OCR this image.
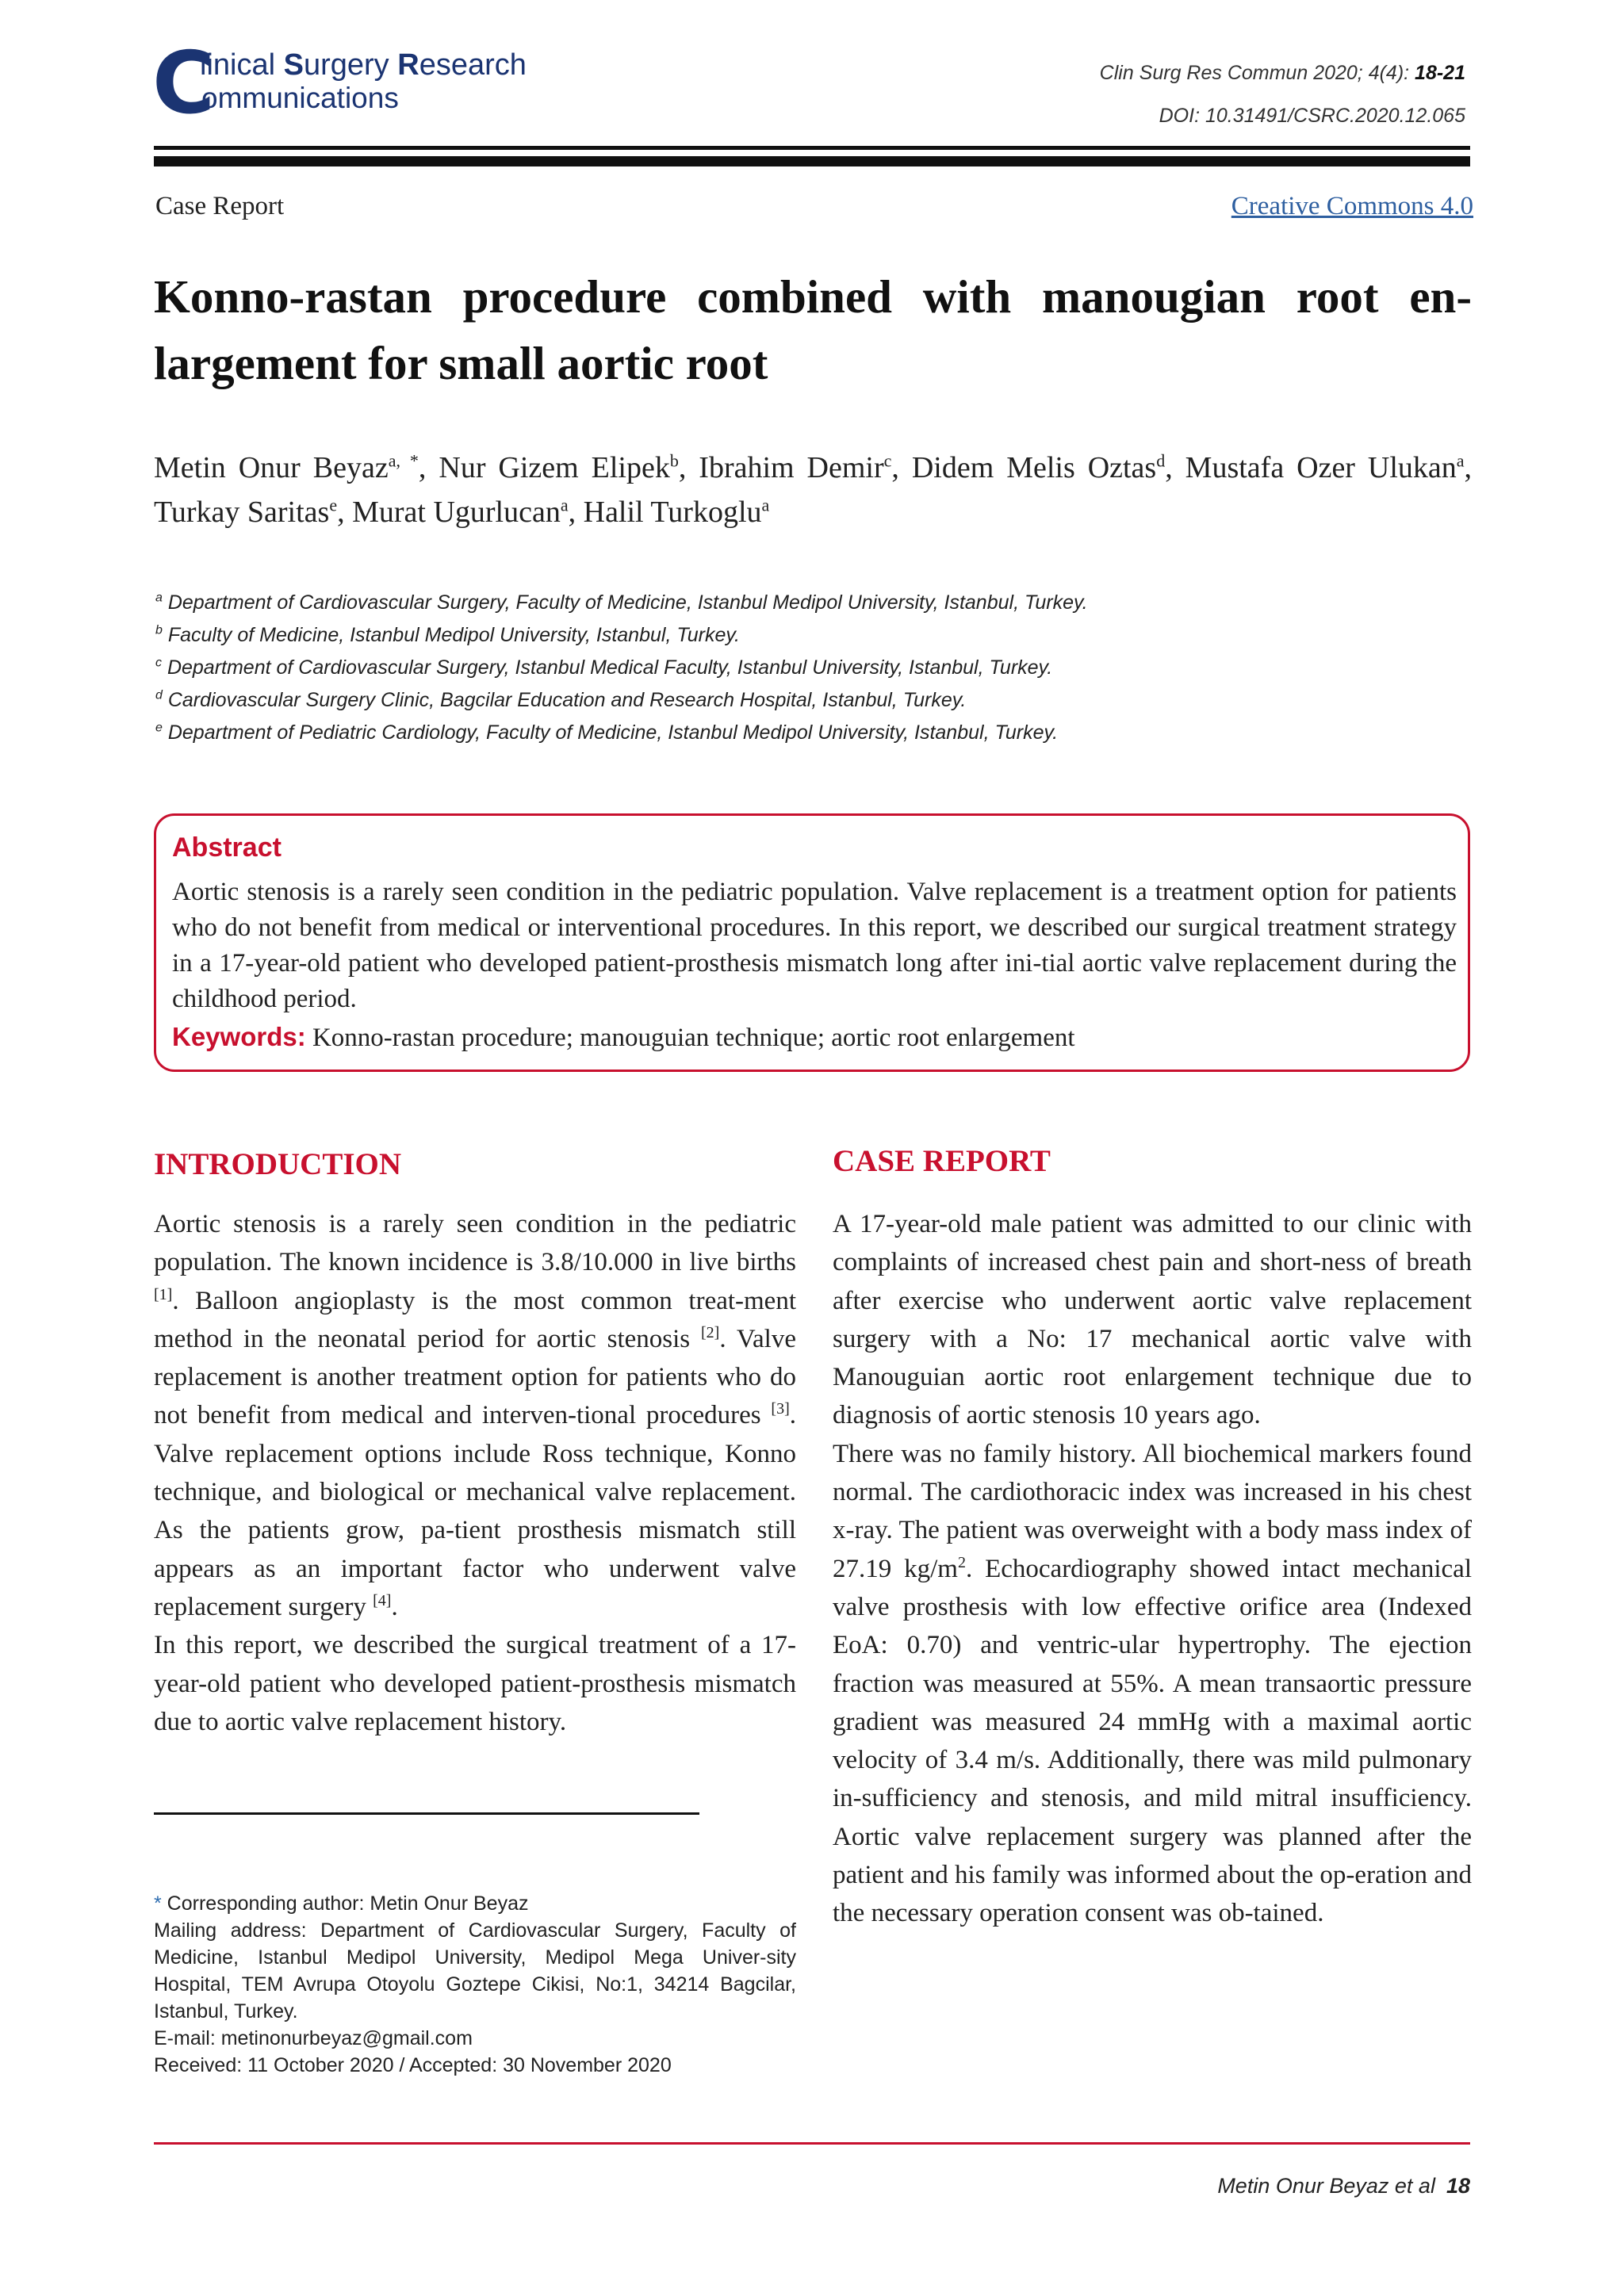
C
linical Surgery Research
ommunications
Clin Surg Res Commun 2020; 4(4): 18-21
DOI: 10.31491/CSRC.2020.12.065
Case Report	Creative Commons 4.0
Konno-rastan procedure combined with manougian root en-largement for small aortic root
Metin Onur Beyaz$^{a, *}$, Nur Gizem Elipek$^b$, Ibrahim Demir$^c$, Didem Melis Oztas$^d$, Mustafa Ozer Ulukan$^a$, Turkay Saritas$^e$, Murat Ugurlucan$^a$, Halil Turkoglu$^a$
$^a$ Department of Cardiovascular Surgery, Faculty of Medicine, Istanbul Medipol University, Istanbul, Turkey.
$^b$ Faculty of Medicine, Istanbul Medipol University, Istanbul, Turkey.
$^c$ Department of Cardiovascular Surgery, Istanbul Medical Faculty, Istanbul University, Istanbul, Turkey.
$^d$ Cardiovascular Surgery Clinic, Bagcilar Education and Research Hospital, Istanbul, Turkey.
$^e$ Department of Pediatric Cardiology, Faculty of Medicine, Istanbul Medipol University, Istanbul, Turkey.
Abstract
Aortic stenosis is a rarely seen condition in the pediatric population. Valve replacement is a treatment option for patients who do not benefit from medical or interventional procedures. In this report, we described our surgical treatment strategy in a 17-year-old patient who developed patient-prosthesis mismatch long after ini-tial aortic valve replacement during the childhood period.
Keywords: Konno-rastan procedure; manouguian technique; aortic root enlargement
INTRODUCTION

Aortic stenosis is a rarely seen condition in the pediatric population. The known incidence is 3.8/10.000 in live births [1]. Balloon angioplasty is the most common treat-ment method in the neonatal period for aortic stenosis [2]. Valve replacement is another treatment option for patients who do not benefit from medical and interven-tional procedures [3]. Valve replacement options include Ross technique, Konno technique, and biological or mechanical valve replacement. As the patients grow, pa-tient prosthesis mismatch still appears as an important factor who underwent valve replacement surgery [4].

In this report, we described the surgical treatment of a 17-year-old patient who developed patient-prosthesis mismatch due to aortic valve replacement history.

CASE REPORT

A 17-year-old male patient was admitted to our clinic with complaints of increased chest pain and short-ness of breath after exercise who underwent aortic valve replacement surgery with a No: 17 mechanical aortic valve with Manouguian aortic root enlargement technique due to diagnosis of aortic stenosis 10 years ago.

There was no family history. All biochemical markers found normal. The cardiothoracic index was increased in his chest x-ray. The patient was overweight with a body mass index of 27.19 $kg/m^2$. Echocardiography showed intact mechanical valve prosthesis with low effective orifice area (Indexed EoA: 0.70) and ventric-ular hypertrophy. The ejection fraction was measured at 55%. A mean transaortic pressure gradient was measured 24 mmHg with a maximal aortic velocity of 3.4 m/s. Additionally, there was mild pulmonary in-sufficiency and stenosis, and mild mitral insufficiency. Aortic valve replacement surgery was planned after the patient and his family was informed about the op-eration and the necessary operation consent was ob-tained.

* Corresponding author: Metin Onur Beyaz
Mailing address: Department of Cardiovascular Surgery, Faculty of Medicine, Istanbul Medipol University, Medipol Mega Univer-sity Hospital, TEM Avrupa Otoyolu Goztepe Cikisi, No:1, 34214 Bagcilar, Istanbul, Turkey.
E-mail: metinonurbeyaz@gmail.com
Received: 11 October 2020 / Accepted: 30 November 2020
Metin Onur Beyaz et al 18
